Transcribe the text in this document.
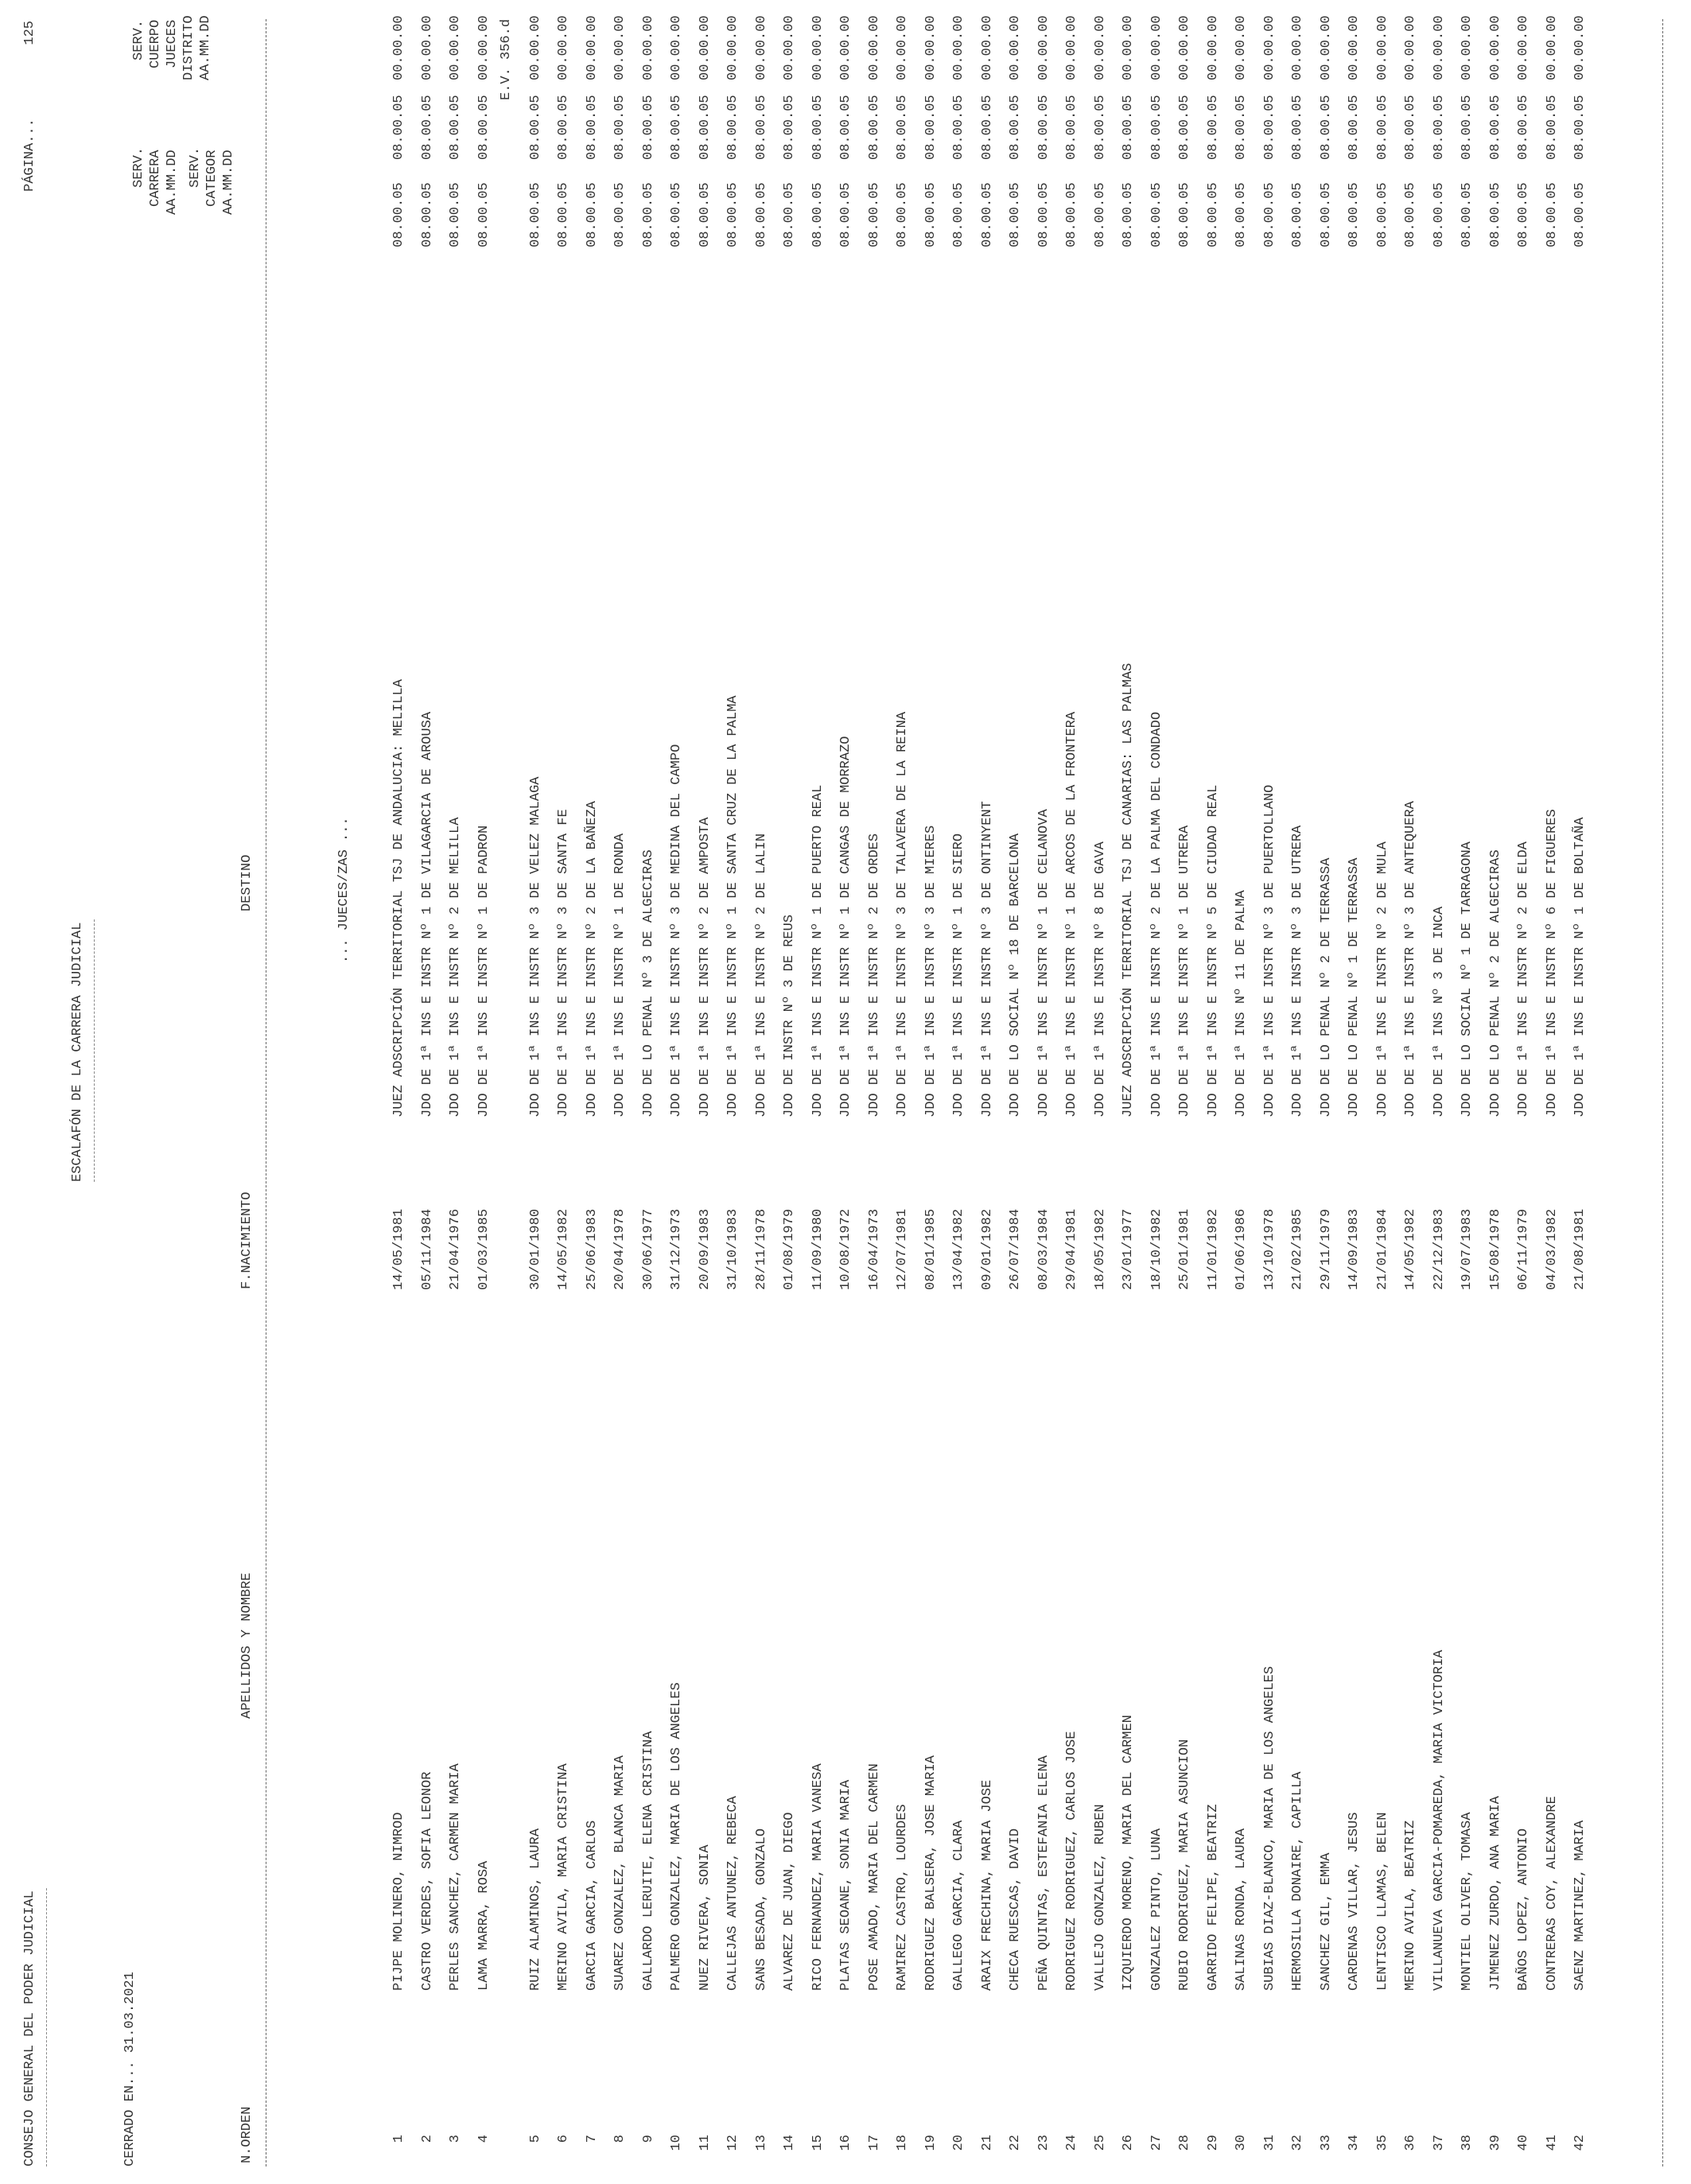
CONSEJO GENERAL DEL PODER JUDICIAL
PÁGINA...
125
ESCALAFÓN DE LA CARRERA JUDICIAL
CERRADO EN... 31.03.2021
SERV. CARRERA AA.MM.DD SERV. CATEGOR AA.MM.DD
SERV. CUERPO JUECES DISTRITO AA.MM.DD
N.ORDEN
APELLIDOS Y NOMBRE
F.NACIMIENTO
DESTINO	... JUECES/ZAS ...
1
PIJPE MOLINERO, NIMROD
14/05/1981
JUEZ ADSCRIPCIÓN TERRITORIAL TSJ DE ANDALUCIA: MELILLA
08.00.05
08.00.05
00.00.00
2
CASTRO VERDES, SOFIA LEONOR
05/11/1984
JDO DE 1ª INS E INSTR Nº 1 DE VILAGARCIA DE AROUSA
08.00.05
08.00.05
00.00.00
3
PERLES SANCHEZ, CARMEN MARIA
21/04/1976
JDO DE 1ª INS E INSTR Nº 2 DE MELILLA
08.00.05
08.00.05
00.00.00
4
LAMA MARRA, ROSA
01/03/1985
JDO DE 1ª INS E INSTR Nº 1 DE PADRON
08.00.05
08.00.05
00.00.00 E.V. 356.d
5
RUIZ ALAMINOS, LAURA
30/01/1980
JDO DE 1ª INS E INSTR Nº 3 DE VELEZ MALAGA
08.00.05
08.00.05
00.00.00
6
MERINO AVILA, MARIA CRISTINA
14/05/1982
JDO DE 1ª INS E INSTR Nº 3 DE SANTA FE
08.00.05
08.00.05
00.00.00
7
GARCIA GARCIA, CARLOS
25/06/1983
JDO DE 1ª INS E INSTR Nº 2 DE LA BAÑEZA
08.00.05
08.00.05
00.00.00
8
SUAREZ GONZALEZ, BLANCA MARIA
20/04/1978
JDO DE 1ª INS E INSTR Nº 1 DE RONDA
08.00.05
08.00.05
00.00.00
9
GALLARDO LERUITE, ELENA CRISTINA
30/06/1977
JDO DE LO PENAL Nº 3 DE ALGECIRAS
08.00.05
08.00.05
00.00.00
10
PALMERO GONZALEZ, MARIA DE LOS ANGELES
31/12/1973
JDO DE 1ª INS E INSTR Nº 3 DE MEDINA DEL CAMPO
08.00.05
08.00.05
00.00.00
11
NUEZ RIVERA, SONIA
20/09/1983
JDO DE 1ª INS E INSTR Nº 2 DE AMPOSTA
08.00.05
08.00.05
00.00.00
12
CALLEJAS ANTUNEZ, REBECA
31/10/1983
JDO DE 1ª INS E INSTR Nº 1 DE SANTA CRUZ DE LA PALMA
08.00.05
08.00.05
00.00.00
13
SANS BESADA, GONZALO
28/11/1978
JDO DE 1ª INS E INSTR Nº 2 DE LALIN
08.00.05
08.00.05
00.00.00
14
ALVAREZ DE JUAN, DIEGO
01/08/1979
JDO DE INSTR Nº 3 DE REUS
08.00.05
08.00.05
00.00.00
15
RICO FERNANDEZ, MARIA VANESA
11/09/1980
JDO DE 1ª INS E INSTR Nº 1 DE PUERTO REAL
08.00.05
08.00.05
00.00.00
16
PLATAS SEOANE, SONIA MARIA
10/08/1972
JDO DE 1ª INS E INSTR Nº 1 DE CANGAS DE MORRAZO
08.00.05
08.00.05
00.00.00
17
POSE AMADO, MARIA DEL CARMEN
16/04/1973
JDO DE 1ª INS E INSTR Nº 2 DE ORDES
08.00.05
08.00.05
00.00.00
18
RAMIREZ CASTRO, LOURDES
12/07/1981
JDO DE 1ª INS E INSTR Nº 3 DE TALAVERA DE LA REINA
08.00.05
08.00.05
00.00.00
19
RODRIGUEZ BALSERA, JOSE MARIA
08/01/1985
JDO DE 1ª INS E INSTR Nº 3 DE MIERES
08.00.05
08.00.05
00.00.00
20
GALLEGO GARCIA, CLARA
13/04/1982
JDO DE 1ª INS E INSTR Nº 1 DE SIERO
08.00.05
08.00.05
00.00.00
21
ARAIX FRECHINA, MARIA JOSE
09/01/1982
JDO DE 1ª INS E INSTR Nº 3 DE ONTINYENT
08.00.05
08.00.05
00.00.00
22
CHECA RUESCAS, DAVID
26/07/1984
JDO DE LO SOCIAL Nº 18 DE BARCELONA
08.00.05
08.00.05
00.00.00
23
PEÑA QUINTAS, ESTEFANIA ELENA
08/03/1984
JDO DE 1ª INS E INSTR Nº 1 DE CELANOVA
08.00.05
08.00.05
00.00.00
24
RODRIGUEZ RODRIGUEZ, CARLOS JOSE
29/04/1981
JDO DE 1ª INS E INSTR Nº 1 DE ARCOS DE LA FRONTERA
08.00.05
08.00.05
00.00.00
25
VALLEJO GONZALEZ, RUBEN
18/05/1982
JDO DE 1ª INS E INSTR Nº 8 DE GAVA
08.00.05
08.00.05
00.00.00
26
IZQUIERDO MORENO, MARIA DEL CARMEN
23/01/1977
JUEZ ADSCRIPCIÓN TERRITORIAL TSJ DE CANARIAS: LAS PALMAS
08.00.05
08.00.05
00.00.00
27
GONZALEZ PINTO, LUNA
18/10/1982
JDO DE 1ª INS E INSTR Nº 2 DE LA PALMA DEL CONDADO
08.00.05
08.00.05
00.00.00
28
RUBIO RODRIGUEZ, MARIA ASUNCION
25/01/1981
JDO DE 1ª INS E INSTR Nº 1 DE UTRERA
08.00.05
08.00.05
00.00.00
29
GARRIDO FELIPE, BEATRIZ
11/01/1982
JDO DE 1ª INS E INSTR Nº 5 DE CIUDAD REAL
08.00.05
08.00.05
00.00.00
30
SALINAS RONDA, LAURA
01/06/1986
JDO DE 1ª INS Nº 11 DE PALMA
08.00.05
08.00.05
00.00.00
31
SUBIAS DIAZ-BLANCO, MARIA DE LOS ANGELES
13/10/1978
JDO DE 1ª INS E INSTR Nº 3 DE PUERTOLLANO
08.00.05
08.00.05
00.00.00
32
HERMOSILLA DONAIRE, CAPILLA
21/02/1985
JDO DE 1ª INS E INSTR Nº 3 DE UTRERA
08.00.05
08.00.05
00.00.00
33
SANCHEZ GIL, EMMA
29/11/1979
JDO DE LO PENAL Nº 2 DE TERRASSA
08.00.05
08.00.05
00.00.00
34
CARDENAS VILLAR, JESUS
14/09/1983
JDO DE LO PENAL Nº 1 DE TERRASSA
08.00.05
08.00.05
00.00.00
35
LENTISCO LLAMAS, BELEN
21/01/1984
JDO DE 1ª INS E INSTR Nº 2 DE MULA
08.00.05
08.00.05
00.00.00
36
MERINO AVILA, BEATRIZ
14/05/1982
JDO DE 1ª INS E INSTR Nº 3 DE ANTEQUERA
08.00.05
08.00.05
00.00.00
37
VILLANUEVA GARCIA-POMAREDA, MARIA VICTORIA
22/12/1983
JDO DE 1ª INS Nº 3 DE INCA
08.00.05
08.00.05
00.00.00
38
MONTIEL OLIVER, TOMASA
19/07/1983
JDO DE LO SOCIAL Nº 1 DE TARRAGONA
08.00.05
08.00.05
00.00.00
39
JIMENEZ ZURDO, ANA MARIA
15/08/1978
JDO DE LO PENAL Nº 2 DE ALGECIRAS
08.00.05
08.00.05
00.00.00
40
BAÑOS LOPEZ, ANTONIO
06/11/1979
JDO DE 1ª INS E INSTR Nº 2 DE ELDA
08.00.05
08.00.05
00.00.00
41
CONTRERAS COY, ALEXANDRE
04/03/1982
JDO DE 1ª INS E INSTR Nº 6 DE FIGUERES
08.00.05
08.00.05
00.00.00
42
SAENZ MARTINEZ, MARIA
21/08/1981
JDO DE 1ª INS E INSTR Nº 1 DE BOLTAÑA
08.00.05
08.00.05
00.00.00
